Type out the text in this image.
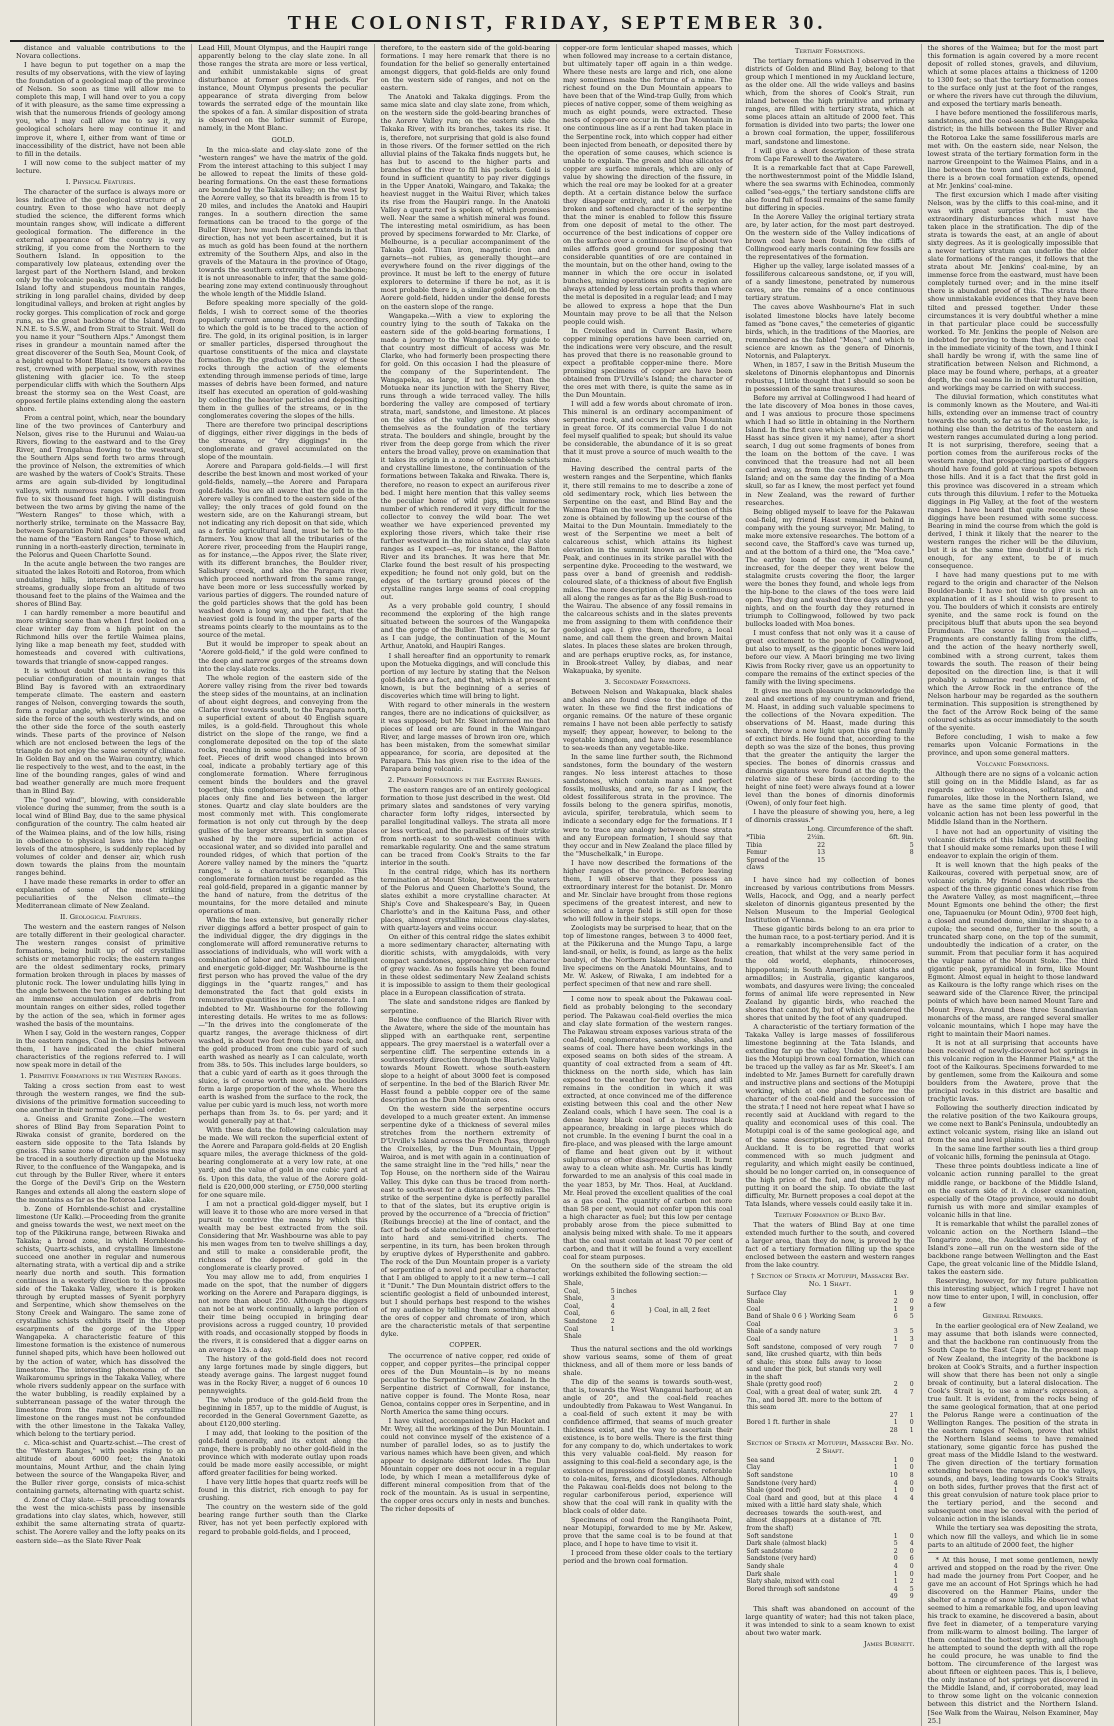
THE COLONIST, FRIDAY, SEPTEMBER 30.

distance and valuable contributions to the Novara collections.

I have begun to put together on a map the results of my observations, with the view of laying the foundation of a geological map of the province of Nelson. So soon as time will allow me to complete this map, I will hand over to you a copy of it with pleasure, as the same time expressing a wish that the numerous friends of geology among you, who I may call allow me to say it, my geological scholars here may continue it and improve it, where I, either from want of time or inaccessibility of the district, have not been able to fill in the details.

I will now come to the subject matter of my lecture.

I. Physical Features.

The character of the surface is always more or less indicative of the geological structure of a country. Even to those who have not deeply studied the science, the different forms which mountain ranges show, will indicate a different geological formation. The difference in the external appearance of the country is very striking, if you come from the Northern to the Southern Island. In opposition to the comparatively low plateaus, extending over the largest part of the Northern Island, and broken only by the volcanic peaks, you find in the Middle Island lofty and stupendous mountain ranges, striking in long parallel chains, divided by deep longitudinal valleys, and broken at right angles by rocky gorges. This complication of rock and gorge runs, as the great backbone of the Island, from N.N.E. to S.S.W., and from Strait to Strait. Well do you name it your "Southern Alps." Amongst them rises in grandeur a mountain named after the great discoverer of the South Sea, Mount Cook, of a height equal to Mont Blanc; its towers above the rest, crowned with perpetual snow, with ravines glistening with glacier ice. To the steep perpendicular cliffs with which the Southern Alps breast the stormy sea on the West Coast, are opposed fertile plains extending along the eastern shore.

From a central point, which, near the boundary line of the two provinces of Canterbury and Nelson, gives rise to the Hurunui and Waiau-ua Rivers, flowing to the eastward and to the Grey River, and Trongahua flowing to the westward, the Southern Alps send forth two arms through the province of Nelson, the extremities of which are washed by the waters of Cook's Straits. These arms are again sub-divided by longitudinal valleys, with numerous ranges with peaks from five to six thousand feet high. I will distinguish between the two arms by giving the name of the "Western Ranges" to those which, with a northerly strike, terminate on the Massacre Bay, between Separation Point and Cape Farewell, and the name of the "Eastern Ranges" to those which, running in a north-easterly direction, terminate in the Pelorus and Queen Charlotte Sound.

In the acute angle between the two ranges are situated the lakes Rotoiti and Rotoroa, from which undulating hills, intersected by numerous streams, gradually slope from an altitude of two thousand feet to the plains of the Waimea and the shores of Blind Bay.

I can hardly remember a more beautiful and more striking scene than when I first looked on a clear winter day from a high point on the Richmond hills over the fertile Waimea plains, lying like a map beneath my feet, studded with homesteads and covered with cultivations, towards that triangle of snow-capped ranges.

It is without doubt that it is owing to this peculiar configuration of mountain ranges that Blind Bay is favored with an extraordinary temperate climate. The eastern and eastern ranges of Nelson, converging towards the south, form a regular angle, which diverts on the one side the force of the south westerly winds, and on the other side the force of the south easterly winds. These parts of the province of Nelson which are not enclosed between the legs of the triangle do not enjoy the same serenity of climate. In Golden Bay and on the Wairau country, which lie respectively to the west, and to the east, in the line of the bounding ranges, gales of wind and bad weather generally are much more frequent than in Blind Bay.

The "good wind", blowing, with considerable violence during the summer, from the south is a local wind of Blind Bay, due to the same physical configuration of the country. The calm heated air of the Waimea plains, and of the low hills, rising in obedience to physical laws into the higher levels of the atmosphere, is suddenly replaced by volumes of colder and denser air, which rush down towards the plains from the mountain ranges behind.

I have made these remarks in order to offer an explanation of some of the most striking peculiarities of the Nelson climate—the Mediterranean climate of New Zealand.

II. Geological Features.

The western and the eastern ranges of Nelson are totally different in their geological character. The western ranges consist of primitive formations, being built up of old crystalline schists or metamorphic rocks; the eastern ranges are the oldest sedimentary rocks, primary formation broken through in places by masses of plutonic rock. The lower undulating hills lying in the angle between the two ranges are nothing but an immense accumulation of debris from mountain ranges on either sides, rolled together by the action of the sea, which in former ages washed the basis of the mountains.

When I say, Gold in the western ranges, Copper in the eastern ranges, Coal in the basins between them, I have indicated the chief mineral characteristics of the regions referred to. I will now speak more in detail of the

1. Primitive Formations in the Western Ranges.

Taking a cross section from east to west through the western ranges, we find the sub-divisions of the primitive formation succeeding to one another in their normal geological order.

a. Gneiss and Granite Zone.—The western shores of Blind Bay from Separation Point to Riwaka consist of granite, bordered on the eastern side opposite to the Tata Islands by gneiss. This same zone of granite and gneiss may be traced in a southerly direction up the Motueka River, to the confluence of the Wangapeka, and is cut through by the Buller River, where it enters the Gorge of the Devil's Grip on the Western Ranges and extends all along the eastern slope of the mountains as far as the Rotoroa Lake.

b. Zone of Hornblende-schist and crystalline limestone (Ur Kalk).—Proceeding from the granite and gneiss towards the west, we next meet on the top of the Pikikiruna range, between Riwaka and Takaka; a broad zone, in which Hornblende-schists, Quartz-schists, and crystalline limestone succeed one another in regular and numerous alternating strata, with a vertical dip and a strike nearly due north and south. This formation continues in a westerly direction to the opposite side of the Takaka Valley, where it is broken through by erupted masses of Syenit porphyry and Serpentine, which show themselves on the Stony Creek and Waingaro. The same zone of crystalline schists exhibits itself in the steep escarpments of the gorge of the Upper Wangapeka. A characteristic feature of this limestone formation is the existence of numerous funnel shaped pits, which have been hollowed out by the action of water, which has dissolved the limestone. The interesting phenomena of the Waikaromumu springs in the Takaka Valley, where whole rivers suddenly appear on the surface with the water bubbling, is readily explained by a subterranean passage of the water through the limestone from the ranges. This crystalline limestone on the ranges must not be confounded with the other limestone in the Takaka Valley, which belong to the tertiary period.

c. Mica-schist and Quartz-schist.—The crest of the "Western Ranges," with peaks rising to an altitude of about 6000 feet; the Anatoki mountains, Mount Arthur, and the chain lying between the source of the Wangapeka River, and the Buller river gorge, consists of mica-schist containing garnets, alternating with quartz schist.

d. Zone of Clay slate.—Still proceeding towards the west the mica-schists pass by insensible gradations into clay slates, which, however, still exhibit the same alternating strata of quartz-schist. The Aorere valley and the lofty peaks on its eastern side—as the Slate River Peak

Lead Hill, Mount Olympus, and the Haupiri range apparently belong to the clay slate zone. In all those ranges the strata are more or less vertical, and exhibit unmistakable signs of great disturbance at former geological periods. For instance, Mount Olympus presents the peculiar appearance of strata diverging from below towards the serrated edge of the mountain like the spokes of a fan. A similar disposition of strata is observed on the loftier summit of Europe, namely, in the Mont Blanc.

GOLD.

In the mica-slate and clay-slate zone of the "western ranges" we have the matrix of the gold. From the interest attaching to this subject I may be allowed to repeat the limits of these gold-bearing formations. On the east these formations are bounded by the Takaka valley; on the west by the Aorere valley, so that its breadth is from 15 to 20 miles, and includes the Anatoki and Haupiri ranges. In a southern direction the same formations can be traced to the gorge of the Buller River; how much further it extends in that direction, has not yet been ascertained, but it is as much as gold has been found at the northern extremity of the Southern Alps, and also in the gravels of the Mataura in the province of Otago, towards the southern extremity of the backbone; it is not unreasonable to infer, that the same gold-bearing zone may extend continuously throughout the whole length of the Middle Island.

Before speaking more specially of the gold-fields, I wish to correct some of the theories popularly current among the diggers, according to which the gold is to be traced to the action of fire. The gold, in its original position, is in larger or smaller particles, dispersed throughout the quartose constituents of the mica and claystate formation. By the gradual wasting away of these rocks through the action of the elements extending through immense periods of time, large masses of debris have been formed, and nature itself has executed an operation of gold-washing by collecting the heavier particles and depositing them in the gullies of the streams, or in the conglomerates covering the slopes of the hills.

There are therefore two principal descriptions of diggings, either river diggings in the beds of the streams, or "dry diggings" in the conglomerate and gravel accumulated on the slope of the mountain.

Aorere and Parapara gold-fields.—I will first describe the best known and most worked of your gold-fields, namely,—the Aorere and Parapara gold-fields. You are all aware that the gold in the Aorere valley is confined to the eastern side of the valley; the only traces of gold found on the western side, are on the Kahurangi stream, but not indicating any rich deposit on that side, which as a fertile agricultural land, must be left to the farmers. You know that all the tributaries of the Aorere river, proceeding from the Haupiri range, as for instance,—the Appos river, the Slate river, with its different branches, the Boulder river, Salisbury creek, and also the Parapara river, which proceed northward from the same range, have been more or less successfully worked by various parties of diggers. The rounded nature of the gold particles shows that the gold has been washed down a long way, and the fact, that the heaviest gold is found in the upper parts of the streams points clearly to the mountains as to the source of the metal.

But it would be improper to speak about an "Aorere gold-field," if the gold were confined to the deep and narrow gorges of the streams down into the clay-slate rocks.

The whole region of the eastern side of the Aorere valley rising from the river bed towards the steep sides of the mountains, at an inclination of about eight degrees, and conveying from the Clarke river towards south, to the Parapara north, a superficial extent of about 40 English square miles, is a gold-field. Throughout this whole district on the slope of the range, we find a conglomerate deposited on the top of the slate rocks, reaching in some places a thickness of 30 feet. Pieces of drift wood changed into brown coal, indicate a probably tertiary age of this conglomerate formation. Where ferruginous cement binds the boulders and the gravel together, this conglomerate is compact, in other places only fine and lies between the larger stones. Quartz and clay slate boulders are the most commonly met with. This conglomerate formation is not only cut through by the deep gullies of the larger streams, but in some places washed by the more superficial action of occasional water, and so divided into parallel and rounded ridges, of which that portion of the Aorere valley named by the miners the "quartz ranges," is a characteristic example. This conglomerate formation must be regarded as the real gold-field, prepared in a gigantic manner by the hand of nature, from the detritus of the mountains, for the more detailed and minute operations of man.

While the lees extensive, but generally richer river diggings afford a better prospect of gain to the individual digger, the dry diggings in the conglomerate will afford remunerative returns to associations of individuals, who will work with a combination of labor and capital. The intelligent and energetic gold-digger, Mr. Washbourne is the first person who has proved the value of the dry diggings in the "quartz ranges," and has demonstrated the fact that gold exists in remunerative quantities in the conglomerate. I am indebted to Mr. Washbourne for the following interesting details. He writes to me as follows:—"In the drives into the conglomerate of the quartz ranges, the average thickness of dirt washed, is about two feet from the base rock, and the gold produced from one cubic yard of such earth washed as nearly as I can calculate, worth from 38s. to 50s. This includes large boulders, so that a cubic yard of earth as it goes through the sluice, is of course worth more, as the boulders form a large proportion of the whole. Where the earth is washed from the surface to the rock, the value per cubic yard is much less, not worth more perhaps than from 3s. to 6s. per yard; and it would generally pay at that."

With these data the following calculation may be made. We will reckon the superficial extent of the Aorere and Parapara gold-fields at 20 English square miles, the average thickness of the gold-bearing conglomerate at a very low rate, at one yard; and the value of gold in one cubic yard at 6s. Upon this data, the value of the Aorere gold-field is £20,000,000 sterling, or £750,000 sterling for one square mile.

I am not a practical gold-digger myself, but I will leave it to those who are more versed in that pursuit to contrive the means by which this wealth may be best extracted from the soil. Considering that Mr. Washbourne was able to pay his men wages from ten to twelve shillings a day, and still to make a considerable profit, the richness of the deposit of gold in the conglomerate is clearly proved.

You may allow me to add, from enquiries I made on the spot, that the number of diggers working on the Aorere and Parapara diggings, is not more than about 250. Although the diggers can not be at work continually, a large portion of their time being occupied in bringing dear provisions across a rugged country, 10 provided with roads, and occasionally stopped by floods in the rivers, it is considered that a digger earns on an average 12s. a day.

The history of the gold-field does not record any large fortunes made by single diggers, but steady average gains. The largest nugget found was in the Rocky River, a nugget of 6 ounces 10 pennyweights.

The whole produce of the gold-field from the beginning in 1857, up to the middle of August, is recorded in the General Government Gazette, as about £120,000 sterling.

I may add, that looking to the position of the gold-field generally, and its extent along the range, there is probably no other gold-field in the province which with moderate outlay upon roads could be made more easily accessible, or might afford greater facilities for being worked.

I have very little hopes that quartz reefs will be found in this district, rich enough to pay for crushing.

The country on the western side of the gold bearing range further south than the Clarke River, has not yet been perfectly explored with regard to probable gold-fields, and I proceed,

therefore, to the eastern side of the gold-bearing formations. I may here remark that there is no foundation for the belief so generally entertained amongst diggers, that gold-fields are only found on the western side of ranges, and not on the eastern.

The Anatoki and Takaka diggings. From the same mica slate and clay slate zone, from which, on the western side the gold-bearing branches of the Aorere Valley run; on the eastern side the Takaka River, with its branches, takes its rise. It is, therefore, not surprising that gold is also found in those rivers. Of the former settled on the rich alluvial plains of the Takaka finds nuggets but, he has but to ascend to the higher parts and branches of the river to fill his pockets. Gold is found in sufficient quantity to pay river diggings in the Upper Anatoki, Waingaro, and Takaka; the heaviest nugget in the Waitui River, which takes its rise from the Haupiri range. In the Anatoki Valley a quartz reef is spoken of, which promises well. Near the same a whitish mineral was found. The interesting metal osmiridium, as has been proved by specimens forwarded to Mr. Clarke, of Melbourne, is a peculiar accompaniment of the Takaka gold. Titan iron, magnetic iron and garnets—not rubies, as generally thought—are everywhere found on the river diggings of the province. It must be left to the energy of future explorers to determine if there be not, as it is most probable there is, a similar gold-field, on the Aorere gold-field, hidden under the dense forests on the eastern slope of the range.

Wangapeka.—With a view to exploring the country lying to the south of Takaka on the eastern side of the gold-bearing formations, I made a journey to the Wangapeka. My guide to that country most difficult of access was Mr. Clarke, who had formerly been prospecting there for gold. On this occasion I had the pleasure of the company of the Superintendent. The Wangapeka, as large, if not larger, than the Motueka near its junction with the Sherry River, runs through a wide terraced valley. The hills bordering the valley are composed of tertiary strata, marl, sandstone, and limestone. At places on the sides of the valley granite rocks show themselves as the foundation of the tertiary strata. The boulders and shingle, brought by the river from the deep gorge from which the river enters the broad valley, prove on examination that it takes its origin in a zone of hornblende schists and crystalline limestone, the continuation of the formations between Takaka and Riwaka. There is, therefore, no reason to expect an auriferous river bed. I might here mention that this valley seems the peculiar home of wild pigs, the immense number of which rendered it very difficult for the collector to convey the wild boar. The wet weather we have experienced prevented my exploring those rivers, which take their rise further westward in the mica slate and clay slate ranges as I expect—as, for instance, the Batton River and its branches. It was here that Mr. Clarke found the best result of his prospecting expedition; he found not only gold, but on the edges of the tertiary ground pieces of the crystalline ranges large seams of coal cropping out.

As a very probable gold country, I should recommend the exploring of the high range situated between the sources of the Wangapeka and the gorge of the Buller. That range is, so far as I can judge, the continuation of the Mount Arthur, Anatoki, and Haupiri Ranges.

I shall hereafter find an opportunity to remark upon the Motueka diggings, and will conclude this portion of my lecture by stating that the Nelson gold-fields are a fact, and that, which is at present known, is but the beginning of a series of discoveries which time will bring to light.

With regard to other minerals in the western ranges, there are no indications of quicksilver, as it was supposed; but Mr. Skeet informed me that pieces of lead ore are found in the Waingaro River, and large masses of brown iron ore, which has been mistaken, from the somewhat similar appearance, for scoria, are deposited at the Parapara. This has given rise to the idea of the Parapara being volcanic.

2. Primary Formations in the Eastern Ranges.

The eastern ranges are of an entirely geological formation to those just described in the west. Old primary slates and sandstones of very varying character form lofty ridges, intersected by parallel longitudinal valleys. The strata all more or less vertical, and the parallelism of their strike from north-east to south-west continues with remarkable regularity. One and the same stratum can be traced from Cook's Straits to the far interior in the south.

In the central ridge, which has its northern termination at Mount Stoke, between the waters of the Pelorus and Queen Charlotte's Sound, the slates exhibit a more crystalline character. At Ship's Cove and Shakespeare's Bay, in Queen Charlotte's and in the Kaituna Pass, and other places, almost crystalline micaceous clay-slates, with quartz-layers and veins occur.

On either of this central ridge the slates exhibit a more sedimentary character, alternating with dioritic schists, with amygdaloids, with very compact sandstones, approaching the character of grey wacke. As no fossils have yet been found in these oldest sedimentary New Zealand schists it is impossible to assign to them their geological place in a European classification of strata.

The slate and sandstone ridges are flanked by serpentine.

Below the confluence of the Blarich River with the Awatere, where the side of the mountain has slipped with an earthquake rent, serpentine appears. The grey maerstael is a waterfall over a serpentine cliff. The serpentine extends in a southwesterly direction through the Blarich Valley towards Mount Rowett. whose south-eastern slope to a height of about 3000 feet is composed of serpentine. In the bed of the Blarich River Mr. Hasst found a pebble copper ore of the same description as the Dun Mountain ores.

On the western side the serpentine occurs developed to a much greater extent. An immense serpentine dyke of a thickness of several miles stretches from the northern extremity of D'Urville's Island across the French Pass, through the Croixelles, by the Dun Mountain, Upper Wairoa, and is met with again in a continuation of the same straight line in the "red hills," near the Top House, on the northern side of the Wairau Valley. This dyke can thus be traced from north-east to south-west for a distance of 80 miles. The strike of the serpentine dyke is perfectly parallel to that of the slates, but its eruptive origin is proved by the occurrence of a "breccia of friction" (Reibungs breccie) at the line of contact, and the fact of beds of slate enclosed in it being converted into hard and semi-vitrified cherts. The serpentine, in its turn, has been broken through by eruptive dykes of Hypersthenite and gabbro. The rock of the Dun Mountain proper is a variety of serpentine of a novel and peculiar a character, that I am obliged to apply to it a new term—I call it "Dunit." The Dun Mountain district offers to the scientific geologist a field of unbounded interest, but I should perhaps best respond to the wishes of my audience by telling them something about the ores of copper and chromate of iron, which are the characteristic metals of that serpentine dyke.

COPPER.

The occurrence of native copper, red oxide of copper, and copper pyrites—the principal copper ores of the Dun Mountain—is by no means peculiar to the Serpentine of New Zealand. In the Serpentine district of Cornwall, for instance, native copper is found. The Monte Rosa, near Genoa, contains copper ores in Serpentine, and in North America the same thing occurs.

I have visited, accompanied by Mr. Hacket and Mr. Wrey, all the workings of the Dun Mountain. I could not convince myself of the existence of a number of parallel lodes, so as to justify the various names which have been given, and which appear to designate different lodes. The Dun Mountain copper ore does not occur in a regular lode, by which I mean a metalliferous dyke of different mineral composition from that of the rock of the mountain. As is usual in serpentine, the copper ores occurs only in nests and bunches. The richer deposits of

copper-ore form lenticular shaped masses, which when followed may increase to a certain distance, but ultimately taper off again in a thin wedge. Where these nests are large and rich, one alone may sometimes make the fortune of a mine. The richest found on the Dun Mountain appears to have been that of the Wind-trap Gully, from which pieces of native copper, some of them weighing as much as eight pounds, were extracted. These nests of copper-ore occur in the Dun Mountain in one continuous line as if a rent had taken place in the Serpentine rock, into which copper had either been injected from beneath, or deposited there by the operation of some causes, which science is unable to explain. The green and blue silicates of copper are surface minerals, which are only of value by showing the direction of the fissure, in which the real ore may be looked for at a greater depth. At a certain distance below the surface they disappear entirely, and it is only by the broken and softened character of the serpentine that the miner is enabled to follow this fissure from one deposit of metal to the other. The occurrence of the best indications of copper ore on the surface over a continuous line of about two miles affords good ground for supposing that considerable quantities of ore are contained in the mountain, but on the other hand, owing to the manner in which the ore occur in isolated bunches, mining operations on such a region are always attended by less certain profits than where the metal is deposited in a regular lead; and I may be allowed to express a hope that the Dun Mountain may prove to be all that the Nelson people could wish.

In Croixelles and in Current Basin, where copper mining operations have been carried on, the indications were very obscure, and the result has proved that there is no reasonable ground to expect a profitable copper-mine there. More promising specimens of copper are have been obtained from D'Urville's Island; the character of the ores met with there, is quite the same as in the Dun Mountain.

I will add a few words about chromate of iron. This mineral is an ordinary accompaniment of serpentine rock, and occurs in the Dun Mountain in great force. Of its commercial value I do not feel myself qualified to speak; but should its value be considerable, the abundance of it is so great that it must prove a source of much wealth to the mine.

Having described the central parts of the western ranges and the Serpentine, which flanks it, there still remains to me to describe a zone of old sedimentary rock, which lies between the Serpentine on the east, and Blind Bay and the Waimea Plain on the west. The best section of this zone is obtained by following up the course of the Maitai to the Dun Mountain. Immediately to the west of the Serpentine we meet a belt of calcareous schist, which attains its highest elevation in the summit known as the Wooded Peak, and continues in its strike parallel with the serpentine dyke. Proceeding to the westward, we pass over a band of greenish and reddish-coloured slate, of a thickness of about five English miles. The more description of slate is continuous all along the ranges as far as the Big Bush-road to the Wairau. The absence of any fossil remains in the calcareous schists and in the slates prevents me from assigning to them with confidence their geological age. I give them, therefore, a local name, and call them the green and brown Maitai slates. In places these slates are broken through, and are perhaps eruptive rocks, as, for instance, in Brook-street Valley, by diabas, and near Wakapuaka, by syenite.

3. Secondary Formations.

Between Nelson and Wakapuaka, black shales and shales are found close to the edge of the water. In these we find the first indications of organic remains. Of the nature of these organic remains I have not been able perfectly to satisfy myself; they appear, however, to belong to the vegetable kingdom, and have more resemblance to sea-weeds than any vegetable-like.

In the same line further south, the Richmond sandstones, form the boundary of the western ranges. No less interest attaches to those sandstones, which contain many and perfect fossils, mollusks, and are, so far as I know, the oldest fossiliferous strata in the province. The fossils belong to the genera spirifus, monotis, avicula, spirifer, terebratula, which seem to indicate a secondary edge for the formations. If I were to trace any analogy between these strata and any European formation, I should say that they occur and in New Zealand the place filled by the "Muschelkalk," in Europe.

I have now described the formations of the higher ranges of the province. Before leaving them, I will observe that they possess an extraordinary interest for the botanist. Dr. Monro and Mr. Sinclair have brought from those regions specimens of the greatest interest, and new to science; and a large field is still open for those who will follow in their steps.

Zoologists may be surprised to hear, that on the top of limestone ranges, between 3 to 4000 feet, at the Pikikeruna and the Mungo Tapu, a large land-snail, or helix, is found, as large as the helix baubyi, of the Northern Island. Mr. Skeet found live specimens on the Anatoki Mountains, and to Mr. W. Askew, of Riwaka, I am indebted for a perfect specimen of that new and rare shell.

I come now to speak about the Pakawau coal-field as probably belonging to the secondary period. The Pakawau coal-field overlies the mica and clay slate formation of the western ranges. The Pakawau stream exposes various strata of the coal-field, conglomerates, sandstone, shales, and seams of coal. There have been workings in the exposed seams on both sides of the stream. A quantity of coal extracted from a seam of 4ft. thickness on the north side, which has lain exposed to the weather for two years, and still remains in the condition in which it was extracted, at once convinced me of the difference existing between this coal and the other New Zealand coals, which I have seen. The coal is a dense heavy black coal of a lustrous black appearance, breaking in large pieces which do not crumble. In the evening I burnt the coal in a fire-place, and was pleased with the large amount of flame and heat given out by it without sulphurous or other disagreeable smell. It burnt away to a clean white ash. Mr. Curtis has kindly forwarded to me an analysis of this coal made in the year 1853, by Mr. Thos. Heal, at Auckland. Mr. Heal proved the excellent qualities of the coal as a gas coal. The quantity of carbon not more than 58 per cent, would not confer upon this coal a high character as fuel; but this low per centage probably arose from the piece submitted to analysis being mixed with shale. To me it appears that the coal must contain at least 70 per cent of carbon, and that it will be found a very excellent coal for steam purposes.

On the southern side of the stream the old workings exhibited the following section:—

Shale,		} Coal, in all, 2 feet
Coal,	5 inches	
Shale,	3	
Coal,	4	
Coal,	6	
Sandstone	2	
Coal	1	
Shale		

Thus the natural sections and the old workings show various seams, some of them of great thickness, and all of them more or less bands of shale.

The dip of the seams is towards south-west, that is, towards the West Wanganui harbour, at an angle of 20°, and the coal-field reaches undoubtedly from Pakawau to West Wanganui. In a coal-field of such extent it may be with confidence affirmed, that seams of much greater thickness exist, and the way to ascertain their existence, is to bore wells. There is the first thing for any company to do, which undertakes to work this very valuable coal-field. My reason for assigning to this coal-field a secondary age, is the existence of impressions of fossil plants, referable to cola-mites, ferns, and dicotyledones. Although the Pakawau coal-fields does not belong to the regular carboniferous period, experience will show that the coal will rank in quality with the black coals of older date.

Specimens of coal from the Rangihaeta Point, near Motupipi, forwarded to me by Mr. Askew, prove that the same coal is to be found at that place, and I hope to have time to visit it.

I proceed from these older coals to the tertiary period and the brown coal formation.

Tertiary Formations.

The tertiary formations which I observed in the districts of Golden and Blind Bay, belong to that group which I mentioned in my Auckland lecture, as the older one. All the wide valleys and basins which, from the shores of Cook's Strait, run inland between the high primitive and primary ranges, are filled with tertiary strata, which at some places attain an altitude of 2000 feet. This formation is divided into two parts; the lower one a brown coal formation, the upper, fossiliferous marl, sandstone and limestone.

I will give a short description of these strata from Cape Farewell to the Awatere.

It is a remarkable fact that at Cape Farewell, the northwesternmost point of the Middle Island, where the sea swarms with Echinodea, commonly called "sea-eggs," the tertiary sandstone cliffs are also found full of fossil remains of the same family but differing in species.

In the Aorere Valley the original tertiary strata are, by later action, for the most part destroyed. On the western side of the Valley indications of brown coal have been found. On the cliffs of Collingwood early marls containing few fossils are the representatives of the formation.

Higher up the valley, large isolated masses of a fossiliferous calcareous sandstone, or, if you will, of a sandy limestone, penetrated by numerous caves, are the remains of a once continuous tertiary stratum.

The caves above Washbourne's Flat in such isolated limestone blocks have lately become famed as "bone caves," the cemeteries of gigantic birds, which, in the traditions of the Maories, are remembered as the fabled "Moas," and which to science are known as the genera of Dinornis, Notornis, and Palapteryx.

When, in 1857, I saw in the British Museum the skeletons of Dinornis elephantopus and Dinornis robustus, I little thought that I should so soon be in possession of the same treasures.

Before my arrival at Collingwood I had heard of the late discovery of Moa bones in those caves, and I was anxious to procure those specimens which I had so little in obtaining in the Northern Island. In the first cave which I entered (my friend Hasst has since given it my name), after a short search, I dug out some fragments of bones from the loam on the bottom of the cave. I was convinced that the treasure had not all been carried away, as from the caves in the Northern Island; and on the same day the finding of a Moa skull, so far as I knew, the most perfect yet found in New Zealand, was the reward of further researches.

Being obliged myself to leave for the Pakawau coal-field, my friend Hasst remained behind in company with the young surveyor, Mr. Maling, to make more extensive researches. The bottom of a second cave, the Stafford's cave was turned up, and at the bottom of a third one, the "Moa cave." The earthy loam of the cave, it was found, increased, for the deeper they went below the stalagmite crusts covering the floor, the larger were the bones they found, and whole legs from the hip-bone to the claws of the toes were laid open. They dug and washed three days and three nights, and on the fourth day they returned in triumph to Collingwood, followed by two pack bullocks loaded with Moa bones.

I must confess that not only was it a cause of great excitement to the people of Collingwood, but also to myself, as the gigantic bones were laid before our view. A Maori bringing me two living Kiwis from Rocky river, gave us an opportunity to compare the remains of the extinct species of the family with the living specimens.

It gives me much pleasure to acknowledge the zeal and exertions of my countryman and friend, M. Haast, in adding such valuable specimens to the collections of the Novara expedition. The observations of M. Haast, made during this search, throw a new light upon this great family of extinct birds. He found that, according to the depth so was the size of the bones, thus proving that the greater the antiquity the larger the species. The bones of dinornis crassus and dinornis giganteus were found at the depth; the relative size of these birds (according to the height of nine feet) were always found at a lower level than the bones of dinornis dinoformis (Owen), of only four feet high.

I have the pleasure of showing you, here, a leg of dinornis crassus.*

	Long.	Circumference of the shaft.
*Tibia	2½in.	6ft. 9in.
Tibia	22	5
Femur	13	8
Spread of the claws	15	

I have since had my collection of bones increased by various contributions from Messrs. Wells, Hacock, and Ogg, and a nearly perfect skeleton of dinornis giganteus presented by the Nelson Museum to the Imperial Geological Institution of Vienna.

These gigantic birds belong to an era prior to the human race, to a post-tertiary period. And it is a remarkably incomprehensible fact of the creation, that whilst at the very same period in the old world, elephants, rhinoceroses, hippopotami; in South America, giant sloths and armadillos; in Australia, gigantic kangaroos, wombats, and dasyures were living; the concealed forms of animal life were represented in New Zealand by gigantic birds, who reached the shores that cannot fly, but of which wandered the shores that united by the foot of any quadruped.

A characteristic of the tertiary formation of the Takaka Valley is large masses of fossiliferous limestone beginning at the Tata Islands, and extending far up the valley. Under the limestone lies the Motupipi brown coal formation, which can be traced up the valley as far as Mr. Skeet's. I am indebted to Mr. James Burnett for carefully drawn and instructive plans and sections of the Motupipi working, which at one placed before me the character of the coal-field and the succession of the strata.† I need not here repeat what I have so recently said at Auckland with regard to the quality and economical uses of this coal. The Motupipi coal is of the same geological age, and of the same description, as the Drury coal at Auckland. It is to be regretted that works commenced with so much judgment and regularity, and which might easily be continued, should be no longer carried on, in consequence of the high price of the fuel, and the difficulty of putting it on board the ship. To obviate the last difficulty, Mr. Burnett proposes a coal depot at the Tata Islands, where vessels could easily take it in.

Tertiary Formation of Blind Bay.

That the waters of Blind Bay at one time extended much further to the south, and covered a larger area, than they do now, is proved by the fact of a tertiary formation filling up the space enclosed between the eastern and western ranges from the lake country.

† Section of Strata at Motupipi, Massacre Bay. No. 1 Shaft.
Surface Clay	1	9
Shale	2	0
Coal	1	9
Band of Shale 0 6 } Working Seam	6	5
Coal		
Shale of a sandy nature	3	5
Coal	1	3
Soft sandstone, composed of very rough sand, like crushed quartz, with thin beds of shale; this stone falls away to loose sand under the pick, but stands very well in the shaft	7	0
Shale (pretty good roof)	2	0
Coal, with a great deal of water, sunk 2ft. 7in., and bored 3ft. more to the bottom of this seam	4	7
	27	1
Bored 1 ft. further in shale	1	0
	28	1
Section of Strata at Motupipi, Massacre Bay. No. 2 Shaft.
Sea sand	1	0
Clay	1	0
Soft sandstone	10	8
Sandstone (very hard)	4	0
Shale (good roof)	1	0
Coal (hard and good, but at this place mixed with a little hard slaty shale, which decreases towards the south-west, and almost disappears at a distance of 7ft. from the shaft)	4	4
Soft sandstone	1	0
Dark shale (almost black)	5	4
Soft sandstone	2	0
Sandstone (very hard)	0	6
Sandy shale	4	0
Dark shale	1	0
Slaty shale, mixed with coal	1	2
Bored through soft sandstone	4	5
	49	9

This shaft was abandoned on account of the large quantity of water; had this not taken place, it was intended to sink to a seam known to exist about two water mark.

James Burnett.

the shores of the Waimea; but for the most part this formation is again covered by a more recent deposit of rolled stones, gravels, and diluvium, which at some places attains a thickness of 1200 to 1300 feet; so that the tertiary formation comes to the surface only just at the foot of the ranges, or where the rivers have cut through the diluvium, and exposed the tertiary marls beneath.

I have before mentioned the fossiliferous marls, sandstones, and the coal-seams of the Wangapeka district; in the hills between the Buller River and the Rotoroa Lake the same fossiliferous marls are met with. On the eastern side, near Nelson, the lowest strata of the tertiary formation form in the narrow Greenpoint to the Waimea Plains, and in a line between the town and village of Richmond, there is a brown coal formation extends, opened at Mr. Jenkins' coal-mine.

The first excursion which I made after visiting Nelson, was by the cliffs to this coal-mine, and it was with great surprise that I saw the extraordinary disturbances which must have taken place in the stratification. The dip of the strata is towards the east, at an angle of about sixty degrees. As it is geologically impossible that a newer tertiary stratum can underlie the older slate formations of the ranges, it follows that the strata about Mr. Jenkins' coal-mine, by an immense force from the eastward, must have been completely turned over; and in the mine itself there is abundant proof of this. The strata there show unmistakable evidences that they have been tilted and pressed together. Under these circumstances it is very doubtful whether a mine in that particular place could be successfully worked. To Mr. Jenkins the people of Nelson are indebted for proving to them that they have coal in the immediate vicinity of the town, and I think I shall hardly be wrong if, with the same line of stratification between Nelson and Richmond, a place may be found where, perhaps, at a greater depth, the coal seams lie in their natural position, and workings may be carried on with success.

The diluvial formation, which constitutes what is commonly known as the Moutere, and Wai-iti hills, extending over an immense tract of country towards the south, so far as to the Rotorua lake, is nothing else than the detritus of the eastern and western ranges accumulated during a long period. It is not surprising, therefore, seeing that a portion comes from the auriferous rocks of the western range, that prospecting parties of diggers should have found gold at various spots between those hills. And it is a fact that the first gold in this province was discovered in a stream which cuts through this diluvium. I refer to the Motueka diggings in Pig Valley, at the foot of the western ranges. I have heard that quite recently these diggings have been resumed with some success. Bearing in mind the course from which the gold is derived, I think it likely that the nearer to the western ranges the richer will be the diluvium, but it is at the same time doubtful if it is rich enough, for any extent, to be of much consequence.

I have had many questions put to me with regard to the origin and character of the Nelson Boulder-bank: I have not time to give such an explanation of it as I should wish to present to you. The boulders of which it consists are entirely syenite, and the same rock is found on the precipitous bluff that abuts upon the sea beyond Drumduan. The source is thus explained,—Fragments are constantly falling from the cliffs, and the action of the heavy northerly swell, combined with a strong current, takes them towards the south. The reason of their being deposited on the direction line, is that it will probably a submarine reef underlies them, of which the Arrow Rock in the entrance of the Nelson harbour may be regarded as the southern termination. This supposition is strengthened by the fact of the Arrow Rock being of the same coloured schists as occur immediately to the south of the syenite.

Before concluding, I wish to make a few remarks upon Volcanic Formations in the province, and upon some general matters.

Volcanic Formations.

Although there are no signs of a volcanic action still going on in the Middle Island, as far as regards active volcanoes, solfataras, and fumaroles, like those in the Northern Island, we have as the same time plenty of good, that volcanic action has not been less powerful in the Middle Island than in the Northern.

I have not had an opportunity of visiting the volcanic districts of this Island, but still feeling that I should make some remarks upon these I will endeavor to explain the origin of them.

It is well known that the high peaks of the Kaikouras, covered with perpetual snow, are of volcanic origin. My friend Haast describes the aspect of the three gigantic cones which rise from the Awatere Valley, as most magnificent,—three Mount Egmonts one behind the other; the first one, Tapuaenuku (or Mount Odin), 9700 feet high, a closed and rounded dome, similar in shape to a cupola; the second one, further to the south, a truncated sharp cone, on the top of the summit, undoubtedly the indication of a crater, on the summit. From that peculiar form it has acquired the vulgar name of the Mount Stoke. The third gigantic peak, pyramidical in form, like Mount Egmont. Almost equal in height to those landward as Kaikoura is the lofty range which rises on the seaward side of the Clarence River, the principal points of which have been named Mount Tare and Mount Freya. Around these three Scandinavian monarchs of the mass, are ranged several smaller volcanic mountains, which I hope may have the right to maintain their Maori names.

It is not at all surprising that accounts have been received of newly-discovered hot springs in this volcanic region in the Hanmer Plains,* at the foot of the Kaikouras. Specimens forwarded to me by gentlemen, some from the Kaikoura and some boulders from the Awatere, prove that the principal rocks in this district are basaltic and trachytic lavas.

Following the southerly direction indicated by the relative position of the two Kaikoura groups, we come next to Bank's Peninsula, undoubtedly an extinct volcanic system, rising like an island out from the sea and level plains.

In the same line farther south lies a third group of volcanic hills, forming the peninsula at Otago.

These three points doubtless indicate a line of volcanic action running parallel to the great middle range, or backbone of the Middle Island, on the eastern side of it. A closer examination, especially of the Otago province, would no doubt furnish us with more and similar examples of volcanic hills in that line.

It is remarkable that whilst the parallel zones of volcanic action on the Northern Island—the Tongariro zone, the Auckland and the Bay of Island's zone—all run on the western side of the backbone range between Wellington and the East Cape, the great volcanic line of the Middle Island, takes the eastern side.

Reserving, however, for my future publication this interesting subject, which I regret I have not now time to enter upon, I will, in conclusion, offer a few

General Remarks.

In the earlier geological era of New Zealand, we may assume that both islands were connected, and that the backbone ran continuously from the South Cape to the East Cape. In the present map of New Zealand, the integrity of the backbone is broken at Cook's Straits, and a further inspection will show that there has been not only a single break of continuity, but a lateral dislocation. The Cook's Strait is, to use a miner's expression, a true fault. It is evident, from the rocks being of the same geological formation, that at one period the Pelorus Range were a continuation of the Wellington Ranges. The position of the strata in the eastern ranges of Nelson, prove that whilst the Northern Island seems to have remained stationary, some gigantic force has pushed the great mass of the Middle Island to the westward. The given direction of the tertiary formation extending between the ranges up to the valleys, sounds, and bays, leading towards Cook's Straits on both sides, further proves that the first act of this great convulsion of nature took place prior to the tertiary period, and the second and subsequent one may be coeval with the period of volcanic action in the islands.

While the tertiary sea was depositing the strata, which now fill the valleys, and which lie in some parts to an altitude of 2000 feet, the higher

* At this house, I met some gentlemen, newly arrived and stopped on the road by the river. One had made the journey from Port Cooper, and he gave me an account of Hot Springs which he had discovered on the Hanmer Plains, under the shelter of a range of snow hills. He observed what seemed to him a remarkable fog, and upon leaving his track to examine, he discovered a basin, about five feet in diameter, of a temperature varying from milk-warm to almost boiling. The larger of them contained the hottest spring, and although he attempted to sound the depth with all the rope he could procure, he was unable to find the bottom. The circumference of the largest was about fifteen or eighteen paces. This is, I believe, the only instance of hot springs yet discovered in the Middle Island, and, if corroborated, may lead to throw some light on the volcanic connexion between this district and the Northern Island. [See Walk from the Wairau, Nelson Examiner, May 25.]
